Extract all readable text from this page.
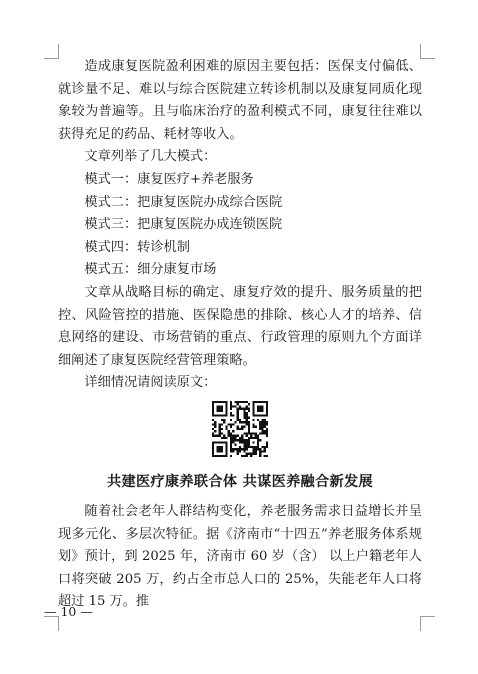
造成康复医院盈利困难的原因主要包括：医保支付偏低、就诊量不足、难以与综合医院建立转诊机制以及康复同质化现象较为普遍等。且与临床治疗的盈利模式不同，康复往往难以获得充足的药品、耗材等收入。

文章列举了几大模式：

模式一：康复医疗+养老服务

模式二：把康复医院办成综合医院

模式三：把康复医院办成连锁医院

模式四：转诊机制

模式五：细分康复市场

文章从战略目标的确定、康复疗效的提升、服务质量的把控、风险管控的措施、医保隐患的排除、核心人才的培养、信息网络的建设、市场营销的重点、行政管理的原则九个方面详细阐述了康复医院经营管理策略。

详细情况请阅读原文：

共建医疗康养联合体 共谋医养融合新发展

随着社会老年人群结构变化，养老服务需求日益增长并呈现多元化、多层次特征。据《济南市“十四五”养老服务体系规划》预计，到 2025 年，济南市 60 岁（含） 以上户籍老年人口将突破 205 万，约占全市总人口的 25%，失能老年人口将超过 15 万。推

— 10 —
